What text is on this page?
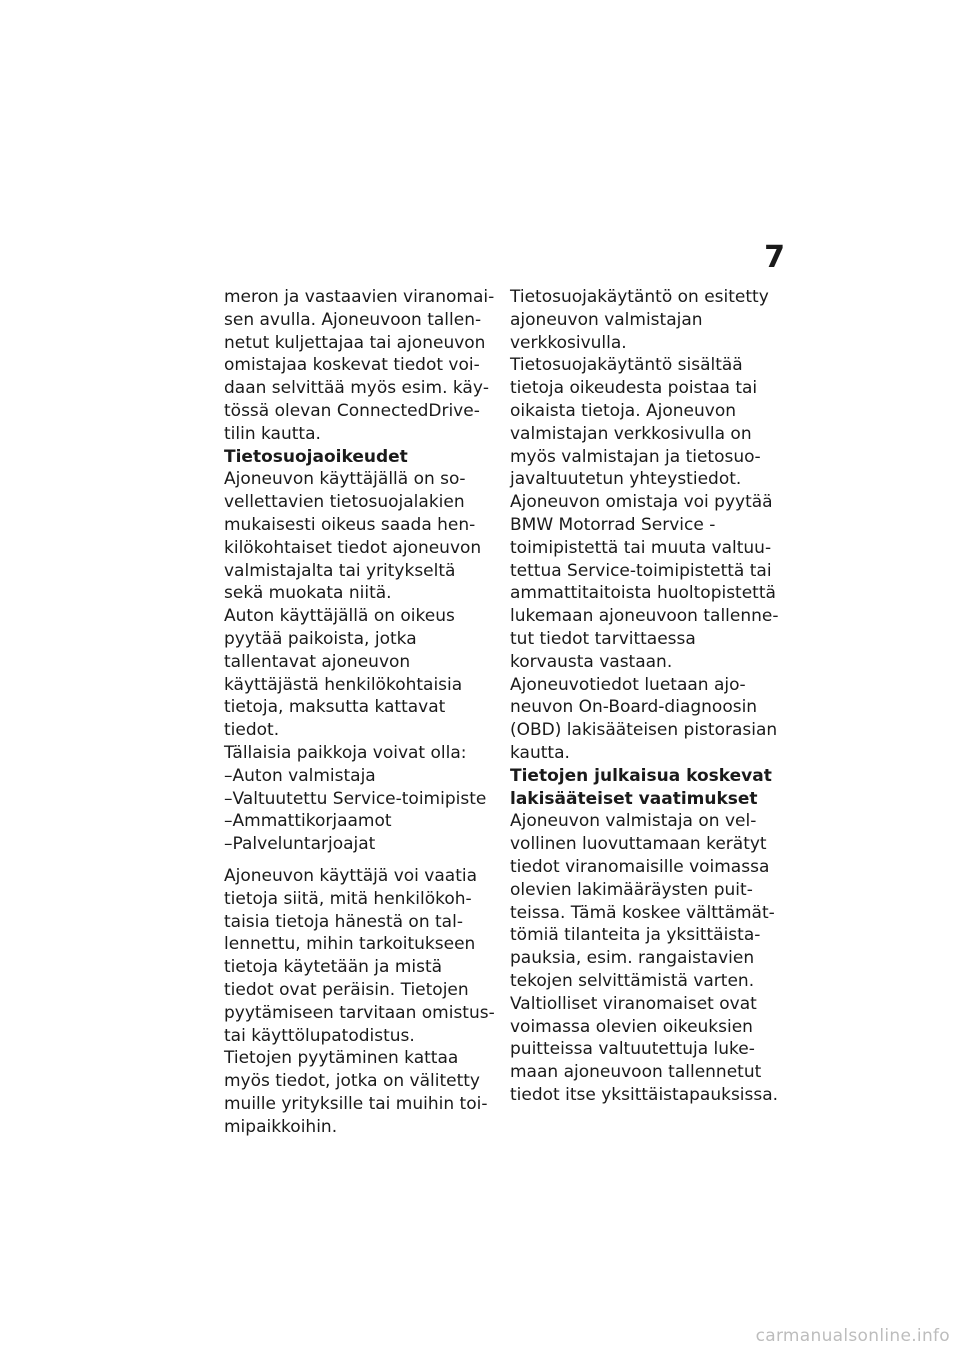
7

meron ja vastaavien viranomaisen avulla. Ajoneuvoon tallennetut kuljettajaa tai ajoneuvon omistajaa koskevat tiedot voidaan selvittää myös esim. käytössä olevan ConnectedDrive-tilin kautta.

Tietosuojaoikeudet

Ajoneuvon käyttäjällä on sovellettavien tietosuojalakien mukaisesti oikeus saada henkilökohtaiset tiedot ajoneuvon valmistajalta tai yritykseltä sekä muokata niitä.

Auton käyttäjällä on oikeus pyytää paikoista, jotka tallentavat ajoneuvon käyttäjästä henkilökohtaisia tietoja, maksutta kattavat tiedot.

Tällaisia paikkoja voivat olla:

–Auton valmistaja
–Valtuutettu Service-toimipiste
–Ammattikorjaamot
–Palveluntarjoajat

Ajoneuvon käyttäjä voi vaatia tietoja siitä, mitä henkilökohtaisia tietoja hänestä on tallennettu, mihin tarkoitukseen tietoja käytetään ja mistä tiedot ovat peräisin. Tietojen pyytämiseen tarvitaan omistus- tai käyttölupatodistus.

Tietojen pyytäminen kattaa myös tiedot, jotka on välitetty muille yrityksille tai muihin toimipaikkoihin.

Tietosuojakäytäntö on esitetty ajoneuvon valmistajan verkkosivulla. Tietosuojakäytäntö sisältää tietoja oikeudesta poistaa tai oikaista tietoja. Ajoneuvon valmistajan verkkosivulla on myös valmistajan ja tietosuojavaltuutetun yhteystiedot.

Ajoneuvon omistaja voi pyytää BMW Motorrad Service -toimipistettä tai muuta valtuutettua Service-toimipistettä tai ammattitaitoista huoltopistettä lukemaan ajoneuvoon tallennetut tiedot tarvittaessa korvausta vastaan.

Ajoneuvotiedot luetaan ajoneuvon On-Board-diagnoosin (OBD) lakisääteisen pistorasian kautta.

Tietojen julkaisua koskevat lakisääteiset vaatimukset

Ajoneuvon valmistaja on velvollinen luovuttamaan kerätyt tiedot viranomaisille voimassa olevien lakimääräysten puitteissa. Tämä koskee välttämättömiä tilanteita ja yksittäistapauksia, esim. rangaistavien tekojen selvittämistä varten.

Valtiolliset viranomaiset ovat voimassa olevien oikeuksien puitteissa valtuutettuja lukemaan ajoneuvoon tallennetut tiedot itse yksittäistapauksissa.

carmanualsonline.info
